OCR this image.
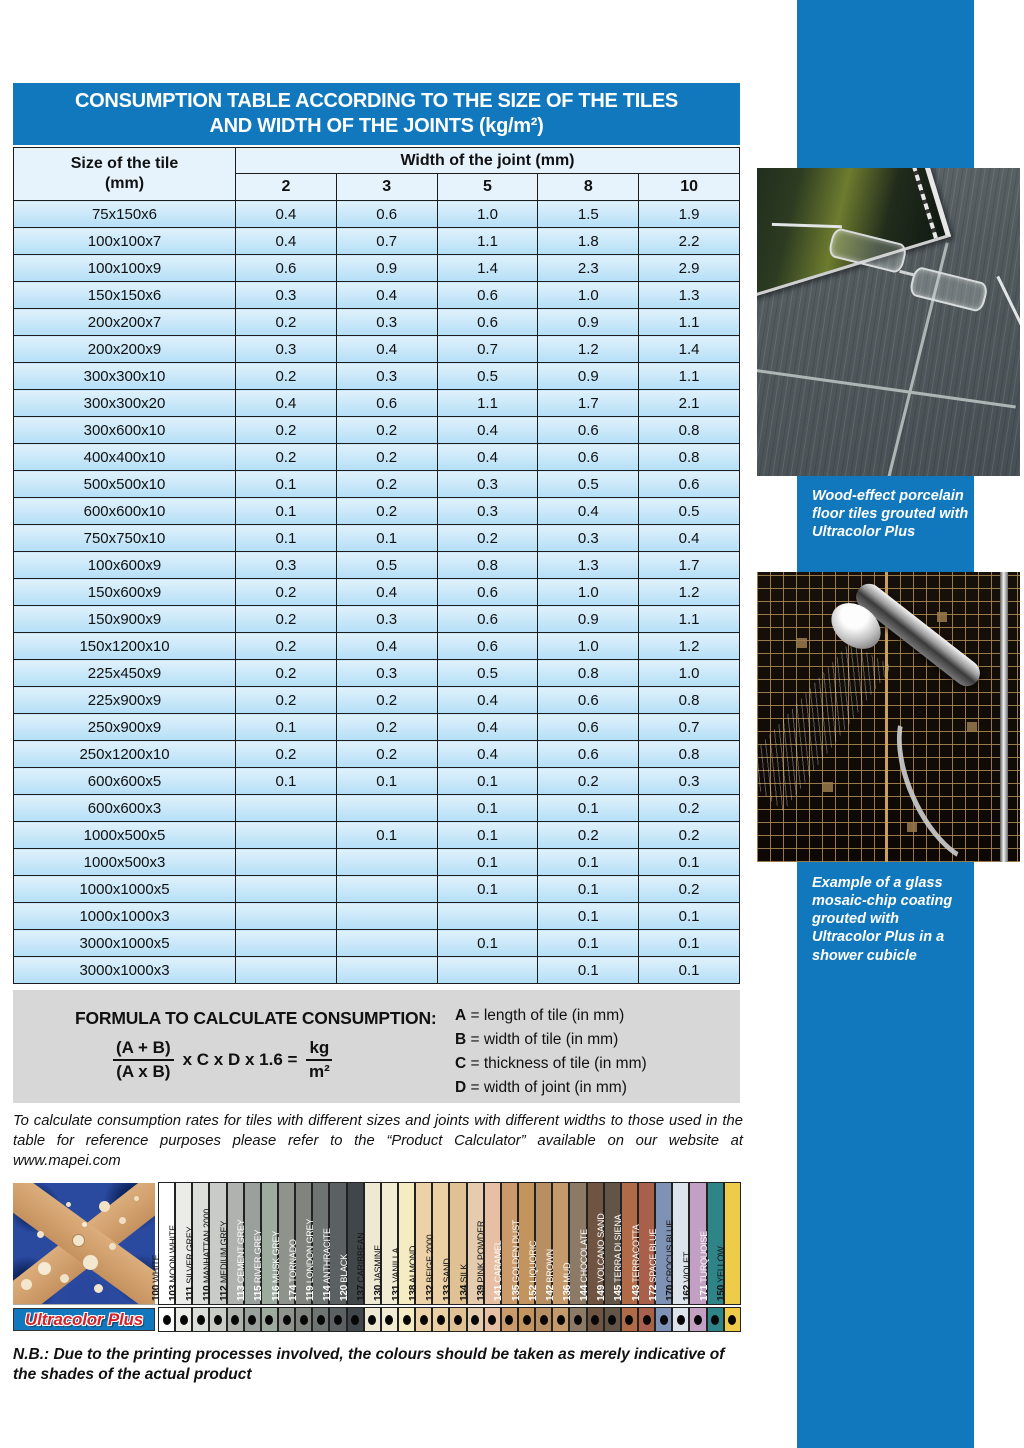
Wood-effect porcelain floor tiles grouted with Ultracolor Plus
Example of a glass mosaic-chip coating grouted with Ultracolor Plus in a shower cubicle
CONSUMPTION TABLE ACCORDING TO THE SIZE OF THE TILES
AND WIDTH OF THE JOINTS (kg/m²)
Size of the tile
(mm)	Width of the joint (mm)				
	2	3	5	8	10
75x150x6	0.4	0.6	1.0	1.5	1.9
100x100x7	0.4	0.7	1.1	1.8	2.2
100x100x9	0.6	0.9	1.4	2.3	2.9
150x150x6	0.3	0.4	0.6	1.0	1.3
200x200x7	0.2	0.3	0.6	0.9	1.1
200x200x9	0.3	0.4	0.7	1.2	1.4
300x300x10	0.2	0.3	0.5	0.9	1.1
300x300x20	0.4	0.6	1.1	1.7	2.1
300x600x10	0.2	0.2	0.4	0.6	0.8
400x400x10	0.2	0.2	0.4	0.6	0.8
500x500x10	0.1	0.2	0.3	0.5	0.6
600x600x10	0.1	0.2	0.3	0.4	0.5
750x750x10	0.1	0.1	0.2	0.3	0.4
100x600x9	0.3	0.5	0.8	1.3	1.7
150x600x9	0.2	0.4	0.6	1.0	1.2
150x900x9	0.2	0.3	0.6	0.9	1.1
150x1200x10	0.2	0.4	0.6	1.0	1.2
225x450x9	0.2	0.3	0.5	0.8	1.0
225x900x9	0.2	0.2	0.4	0.6	0.8
250x900x9	0.1	0.2	0.4	0.6	0.7
250x1200x10	0.2	0.2	0.4	0.6	0.8
600x600x5	0.1	0.1	0.1	0.2	0.3
600x600x3			0.1	0.1	0.2
1000x500x5		0.1	0.1	0.2	0.2
1000x500x3			0.1	0.1	0.1
1000x1000x5			0.1	0.1	0.2
1000x1000x3				0.1	0.1
3000x1000x5			0.1	0.1	0.1
3000x1000x3				0.1	0.1
FORMULA TO CALCULATE CONSUMPTION:
$\frac{(A + B)}{\text{(A x B)}}$ x C x D x $1.6 = \frac{kg}{\text{m²}}$
A = length of tile (in mm)
B = width of tile (in mm)
C = thickness of tile (in mm)
D = width of joint (in mm)

To calculate consumption rates for tiles with different sizes and joints with different widths to those used in the table for reference purposes please refer to the “Product Calculator” available on our website at www.mapei.com

100 WHITE
103 MOON WHITE
111 SILVER GREY
110 MANHATTAN 2000
112 MEDIUM GREY
113 CEMENT GREY
115 RIVER GREY
116 MUSK GREY
174 TORNADO
119 LONDON GREY
114 ANTHRACITE
120 BLACK
137 CARIBBEAN
130 JASMINE
131 VANILLA
138 ALMOND
132 BEIGE 2000
133 SAND
134 SILK
139 PINK POWDER
141 CARAMEL
135 GOLDEN DUST
152 LIQUORIC
142 BROWN
136 MUD
144 CHOCOLATE
149 VOLCANO SAND
145 TERRA DI SIENA
143 TERRACOTTA
172 SPACE BLUE
170 CROCUS BLUE
162 VIOLET
171 TURQUOISE
150 YELLOW
Ultracolor Plus

N.B.: Due to the printing processes involved, the colours should be taken as merely indicative of the shades of the actual product
